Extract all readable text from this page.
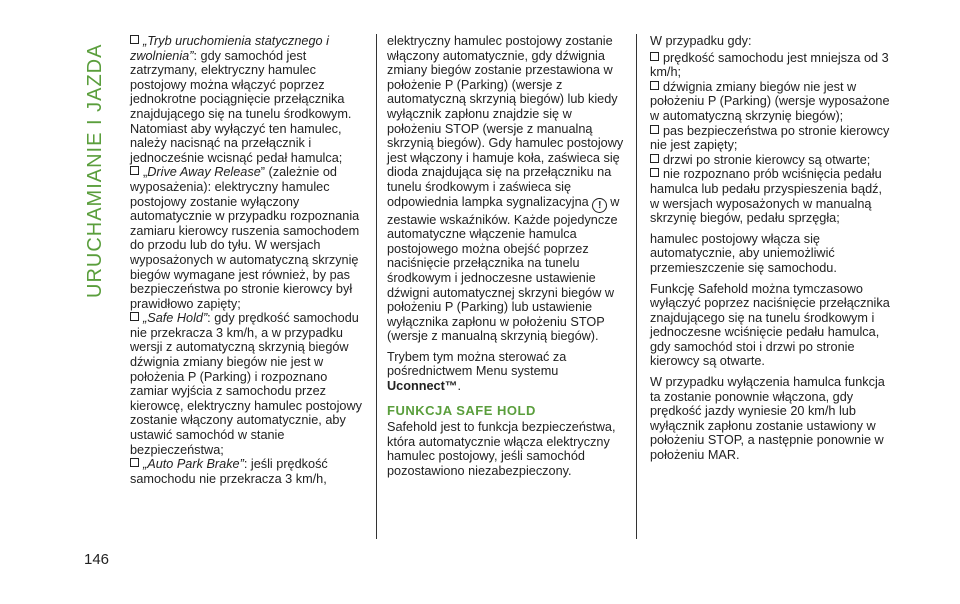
URUCHAMIANIE I JAZDA
146

„Tryb uruchomienia statycznego i zwolnienia”: gdy samochód jest zatrzymany, elektryczny hamulec postojowy można włączyć poprzez jednokrotne pociągnięcie przełącznika znajdującego się na tunelu środkowym. Natomiast aby wyłączyć ten hamulec, należy nacisnąć na przełącznik i jednocześnie wcisnąć pedał hamulca;

„Drive Away Release” (zależnie od wyposażenia): elektryczny hamulec postojowy zostanie wyłączony automatycznie w przypadku rozpoznania zamiaru kierowcy ruszenia samochodem do przodu lub do tyłu. W wersjach wyposażonych w automatyczną skrzynię biegów wymagane jest również, by pas bezpieczeństwa po stronie kierowcy był prawidłowo zapięty;

„Safe Hold”: gdy prędkość samochodu nie przekracza 3 km/h, a w przypadku wersji z automatyczną skrzynią biegów dźwignia zmiany biegów nie jest w położenia P (Parking) i rozpoznano zamiar wyjścia z samochodu przez kierowcę, elektryczny hamulec postojowy zostanie włączony automatycznie, aby ustawić samochód w stanie bezpieczeństwa;

„Auto Park Brake”: jeśli prędkość samochodu nie przekracza 3 km/h,

elektryczny hamulec postojowy zostanie włączony automatycznie, gdy dźwignia zmiany biegów zostanie przestawiona w położenie P (Parking) (wersje z automatyczną skrzynią biegów) lub kiedy wyłącznik zapłonu znajdzie się w położeniu STOP (wersje z manualną skrzynią biegów). Gdy hamulec postojowy jest włączony i hamuje koła, zaświeca się dioda znajdująca się na przełączniku na tunelu środkowym i zaświeca się odpowiednia lampka sygnalizacyjna ! w zestawie wskaźników. Każde pojedyncze automatyczne włączenie hamulca postojowego można obejść poprzez naciśnięcie przełącznika na tunelu środkowym i jednoczesne ustawienie dźwigni automatycznej skrzyni biegów w położeniu P (Parking) lub ustawienie wyłącznika zapłonu w położeniu STOP (wersje z manualną skrzynią biegów).

Trybem tym można sterować za pośrednictwem Menu systemu Uconnect™.

FUNKCJA SAFE HOLD

Safehold jest to funkcja bezpieczeństwa, która automatycznie włącza elektryczny hamulec postojowy, jeśli samochód pozostawiono niezabezpieczony.

W przypadku gdy:

prędkość samochodu jest mniejsza od 3 km/h;
dźwignia zmiany biegów nie jest w położeniu P (Parking) (wersje wyposażone w automatyczną skrzynię biegów);
pas bezpieczeństwa po stronie kierowcy nie jest zapięty;
drzwi po stronie kierowcy są otwarte;
nie rozpoznano prób wciśnięcia pedału hamulca lub pedału przyspieszenia bądź, w wersjach wyposażonych w manualną skrzynię biegów, pedału sprzęgła;

hamulec postojowy włącza się automatycznie, aby uniemożliwić przemieszczenie się samochodu.

Funkcję Safehold można tymczasowo wyłączyć poprzez naciśnięcie przełącznika znajdującego się na tunelu środkowym i jednoczesne wciśnięcie pedału hamulca, gdy samochód stoi i drzwi po stronie kierowcy są otwarte.

W przypadku wyłączenia hamulca funkcja ta zostanie ponownie włączona, gdy prędkość jazdy wyniesie 20 km/h lub wyłącznik zapłonu zostanie ustawiony w położeniu STOP, a następnie ponownie w położeniu MAR.
